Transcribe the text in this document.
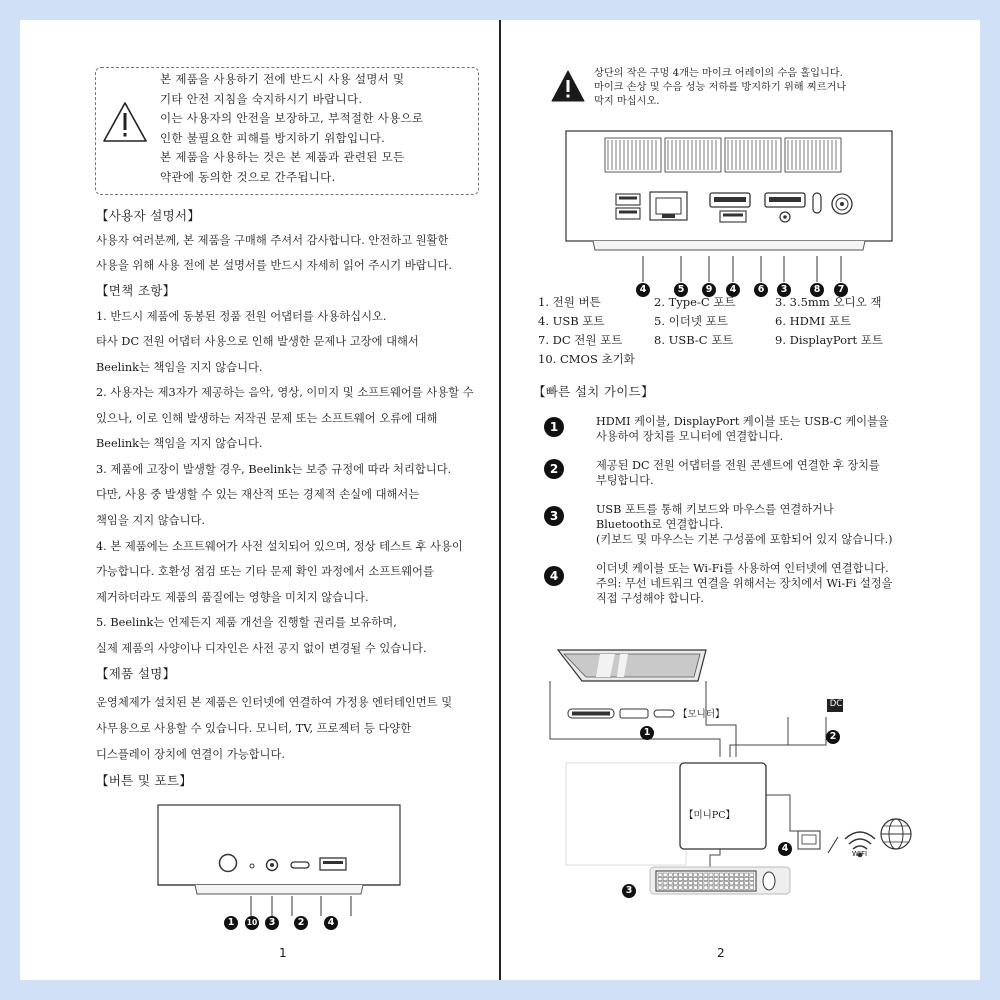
본 제품을 사용하기 전에 반드시 사용 설명서 및
기타 안전 지침을 숙지하시기 바랍니다.
이는 사용자의 안전을 보장하고, 부적절한 사용으로
인한 불필요한 피해를 방지하기 위함입니다.
본 제품을 사용하는 것은 본 제품과 관련된 모든
약관에 동의한 것으로 간주됩니다.
【사용자 설명서】
사용자 여러분께, 본 제품을 구매해 주셔서 감사합니다. 안전하고 원활한
사용을 위해 사용 전에 본 설명서를 반드시 자세히 읽어 주시기 바랍니다.
【면책 조항】
1. 반드시 제품에 동봉된 정품 전원 어댑터를 사용하십시오.
타사 DC 전원 어댑터 사용으로 인해 발생한 문제나 고장에 대해서
Beelink는 책임을 지지 않습니다.
2. 사용자는 제3자가 제공하는 음악, 영상, 이미지 및 소프트웨어를 사용할 수
있으나, 이로 인해 발생하는 저작권 문제 또는 소프트웨어 오류에 대해
Beelink는 책임을 지지 않습니다.
3. 제품에 고장이 발생할 경우, Beelink는 보증 규정에 따라 처리합니다.
다만, 사용 중 발생할 수 있는 재산적 또는 경제적 손실에 대해서는
책임을 지지 않습니다.
4. 본 제품에는 소프트웨어가 사전 설치되어 있으며, 정상 테스트 후 사용이
가능합니다. 호환성 점검 또는 기타 문제 확인 과정에서 소프트웨어를
제거하더라도 제품의 품질에는 영향을 미치지 않습니다.
5. Beelink는 언제든지 제품 개선을 진행할 권리를 보유하며,
실제 제품의 사양이나 디자인은 사전 공지 없이 변경될 수 있습니다.
【제품 설명】
운영체제가 설치된 본 제품은 인터넷에 연결하여 가정용 엔터테인먼트 및
사무용으로 사용할 수 있습니다. 모니터, TV, 프로젝터 등 다양한
디스플레이 장치에 연결이 가능합니다.
【버튼 및 포트】
1	10	3	2	4
1
상단의 작은 구멍 4개는 마이크 어레이의 수음 홀입니다.
마이크 손상 및 수음 성능 저하를 방지하기 위해 찌르거나
막지 마십시오.
4	5	9	4	6	3	8	7
1. 전원 버튼	2. Type-C 포트	3. 3.5mm 오디오 잭
4. USB 포트	5. 이더넷 포트	6. HDMI 포트
7. DC 전원 포트	8. USB-C 포트	9. DisplayPort 포트
10. CMOS 초기화
【빠른 설치 가이드】
1	HDMI 케이블, DisplayPort 케이블 또는 USB-C 케이블을
사용하여 장치를 모니터에 연결합니다.
2	제공된 DC 전원 어댑터를 전원 콘센트에 연결한 후 장치를
부팅합니다.
3	USB 포트를 통해 키보드와 마우스를 연결하거나
Bluetooth로 연결합니다.
(키보드 및 마우스는 기본 구성품에 포함되어 있지 않습니다.)
4
이더넷 케이블 또는 Wi-Fi를 사용하여 인터넷에 연결합니다.
주의: 무선 네트워크 연결을 위해서는 장치에서 Wi-Fi 설정을
직접 구성해야 합니다.
【모니터】
【미니PC】
DC
WIFI
1	2
3
4
2
